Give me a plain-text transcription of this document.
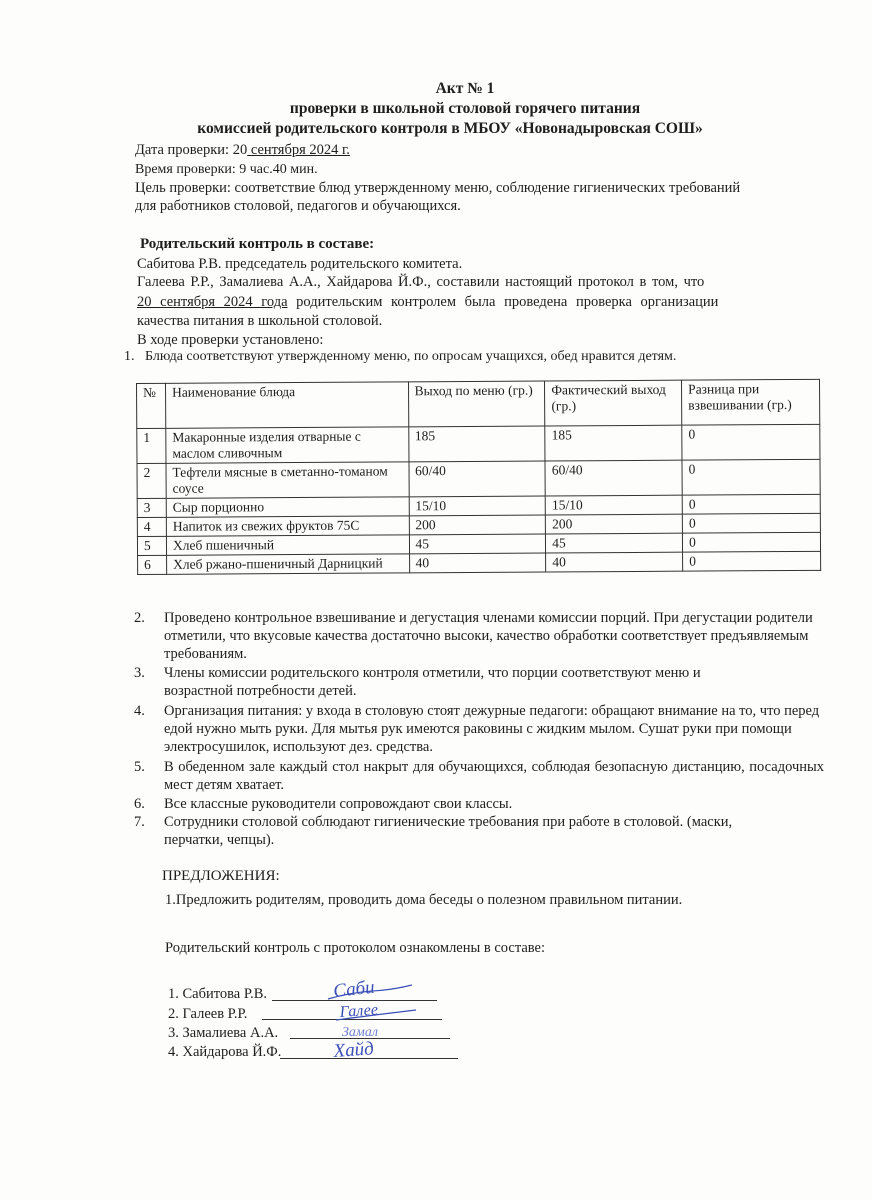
Акт № 1
проверки в школьной столовой горячего питания
комиссией родительского контроля в МБОУ «Новонадыровская СОШ»
Дата проверки: 20 сентября 2024 г.
Время проверки: 9 час.40 мин.
Цель проверки: соответствие блюд утвержденному меню, соблюдение гигиенических требований
для работников столовой, педагогов и обучающихся.
Родительский контроль в составе:
Сабитова Р.В. председатель родительского комитета.
Галеева Р.Р., Замалиева А.А., Хайдарова Й.Ф., составили настоящий протокол в том, что
20 сентября 2024 года родительским контролем была проведена проверка организации
качества питания в школьной столовой.
В ходе проверки установлено:
1. Блюда соответствуют утвержденному меню, по опросам учащихся, обед нравится детям.
№	Наименование блюда	Выход по меню (гр.)	Фактический выход (гр.)	Разница при взвешивании (гр.)
1	Макаронные изделия отварные с маслом сливочным	185	185	0
2	Тефтели мясные в сметанно-томаном соусе	60/40	60/40	0
3	Сыр порционно	15/10	15/10	0
4	Напиток из свежих фруктов 75С	200	200	0
5	Хлеб пшеничный	45	45	0
6	Хлеб ржано-пшеничный Дарницкий	40	40	0
2. Проведено контрольное взвешивание и дегустация членами комиссии порций. При дегустации родители отметили, что вкусовые качества достаточно высоки, качество обработки соответствует предъявляемым требованиям.
3. Члены комиссии родительского контроля отметили, что порции соответствуют меню и возрастной потребности детей.
4. Организация питания: у входа в столовую стоят дежурные педагоги: обращают внимание на то, что перед едой нужно мыть руки. Для мытья рук имеются раковины с жидким мылом. Сушат руки при помощи электросушилок, используют дез. средства.
5. В обеденном зале каждый стол накрыт для обучающихся, соблюдая безопасную дистанцию, посадочных мест детям хватает.
6. Все классные руководители сопровождают свои классы.
7. Сотрудники столовой соблюдают гигиенические требования при работе в столовой. (маски, перчатки, чепцы).
ПРЕДЛОЖЕНИЯ:
1.Предложить родителям, проводить дома беседы о полезном правильном питании.
Родительский контроль с протоколом ознакомлены в составе:
1. Сабитова Р.В.
2. Галеев Р.Р.
3. Замалиева А.А.
4. Хайдарова Й.Ф.
Саби
Галее
Замал
Хайд
